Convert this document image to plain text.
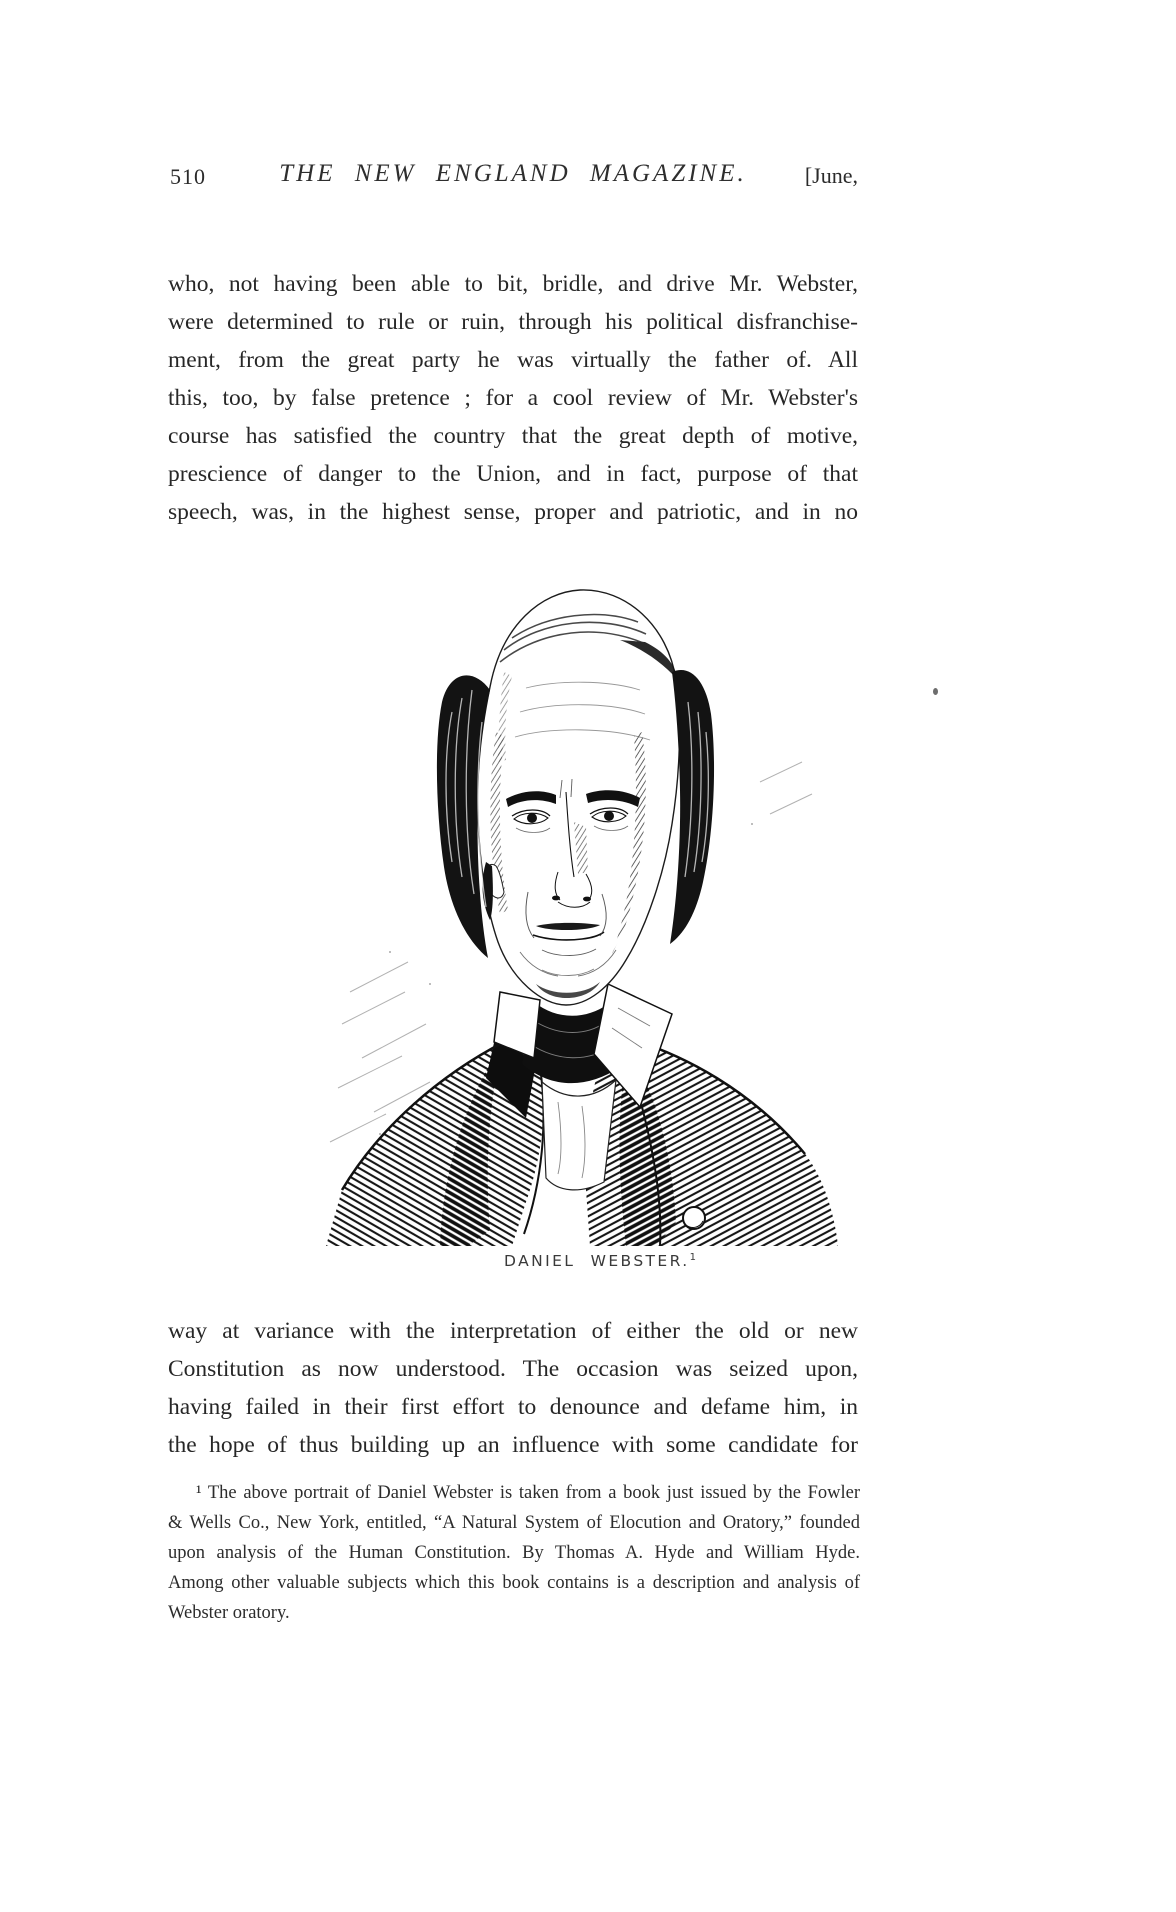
510	THE NEW ENGLAND MAGAZINE.	[June,
who, not having been able to bit, bridle, and drive Mr. Webster,
were determined to rule or ruin, through his political disfranchise-
ment, from the great party he was virtually the father of. All
this, too, by false pretence ; for a cool review of Mr. Webster's
course has satisfied the country that the great depth of motive,
prescience of danger to the Union, and in fact, purpose of that
speech, was, in the highest sense, proper and patriotic, and in no
DANIEL WEBSTER.$^1$
way at variance with the interpretation of either the old or new
Constitution as now understood. The occasion was seized upon,
having failed in their first effort to denounce and defame him, in
the hope of thus building up an influence with some candidate for
¹ The above portrait of Daniel Webster is taken from a book just issued by the Fowler
& Wells Co., New York, entitled, “A Natural System of Elocution and Oratory,” founded
upon analysis of the Human Constitution. By Thomas A. Hyde and William Hyde.
Among other valuable subjects which this book contains is a description and analysis of
Webster oratory.
